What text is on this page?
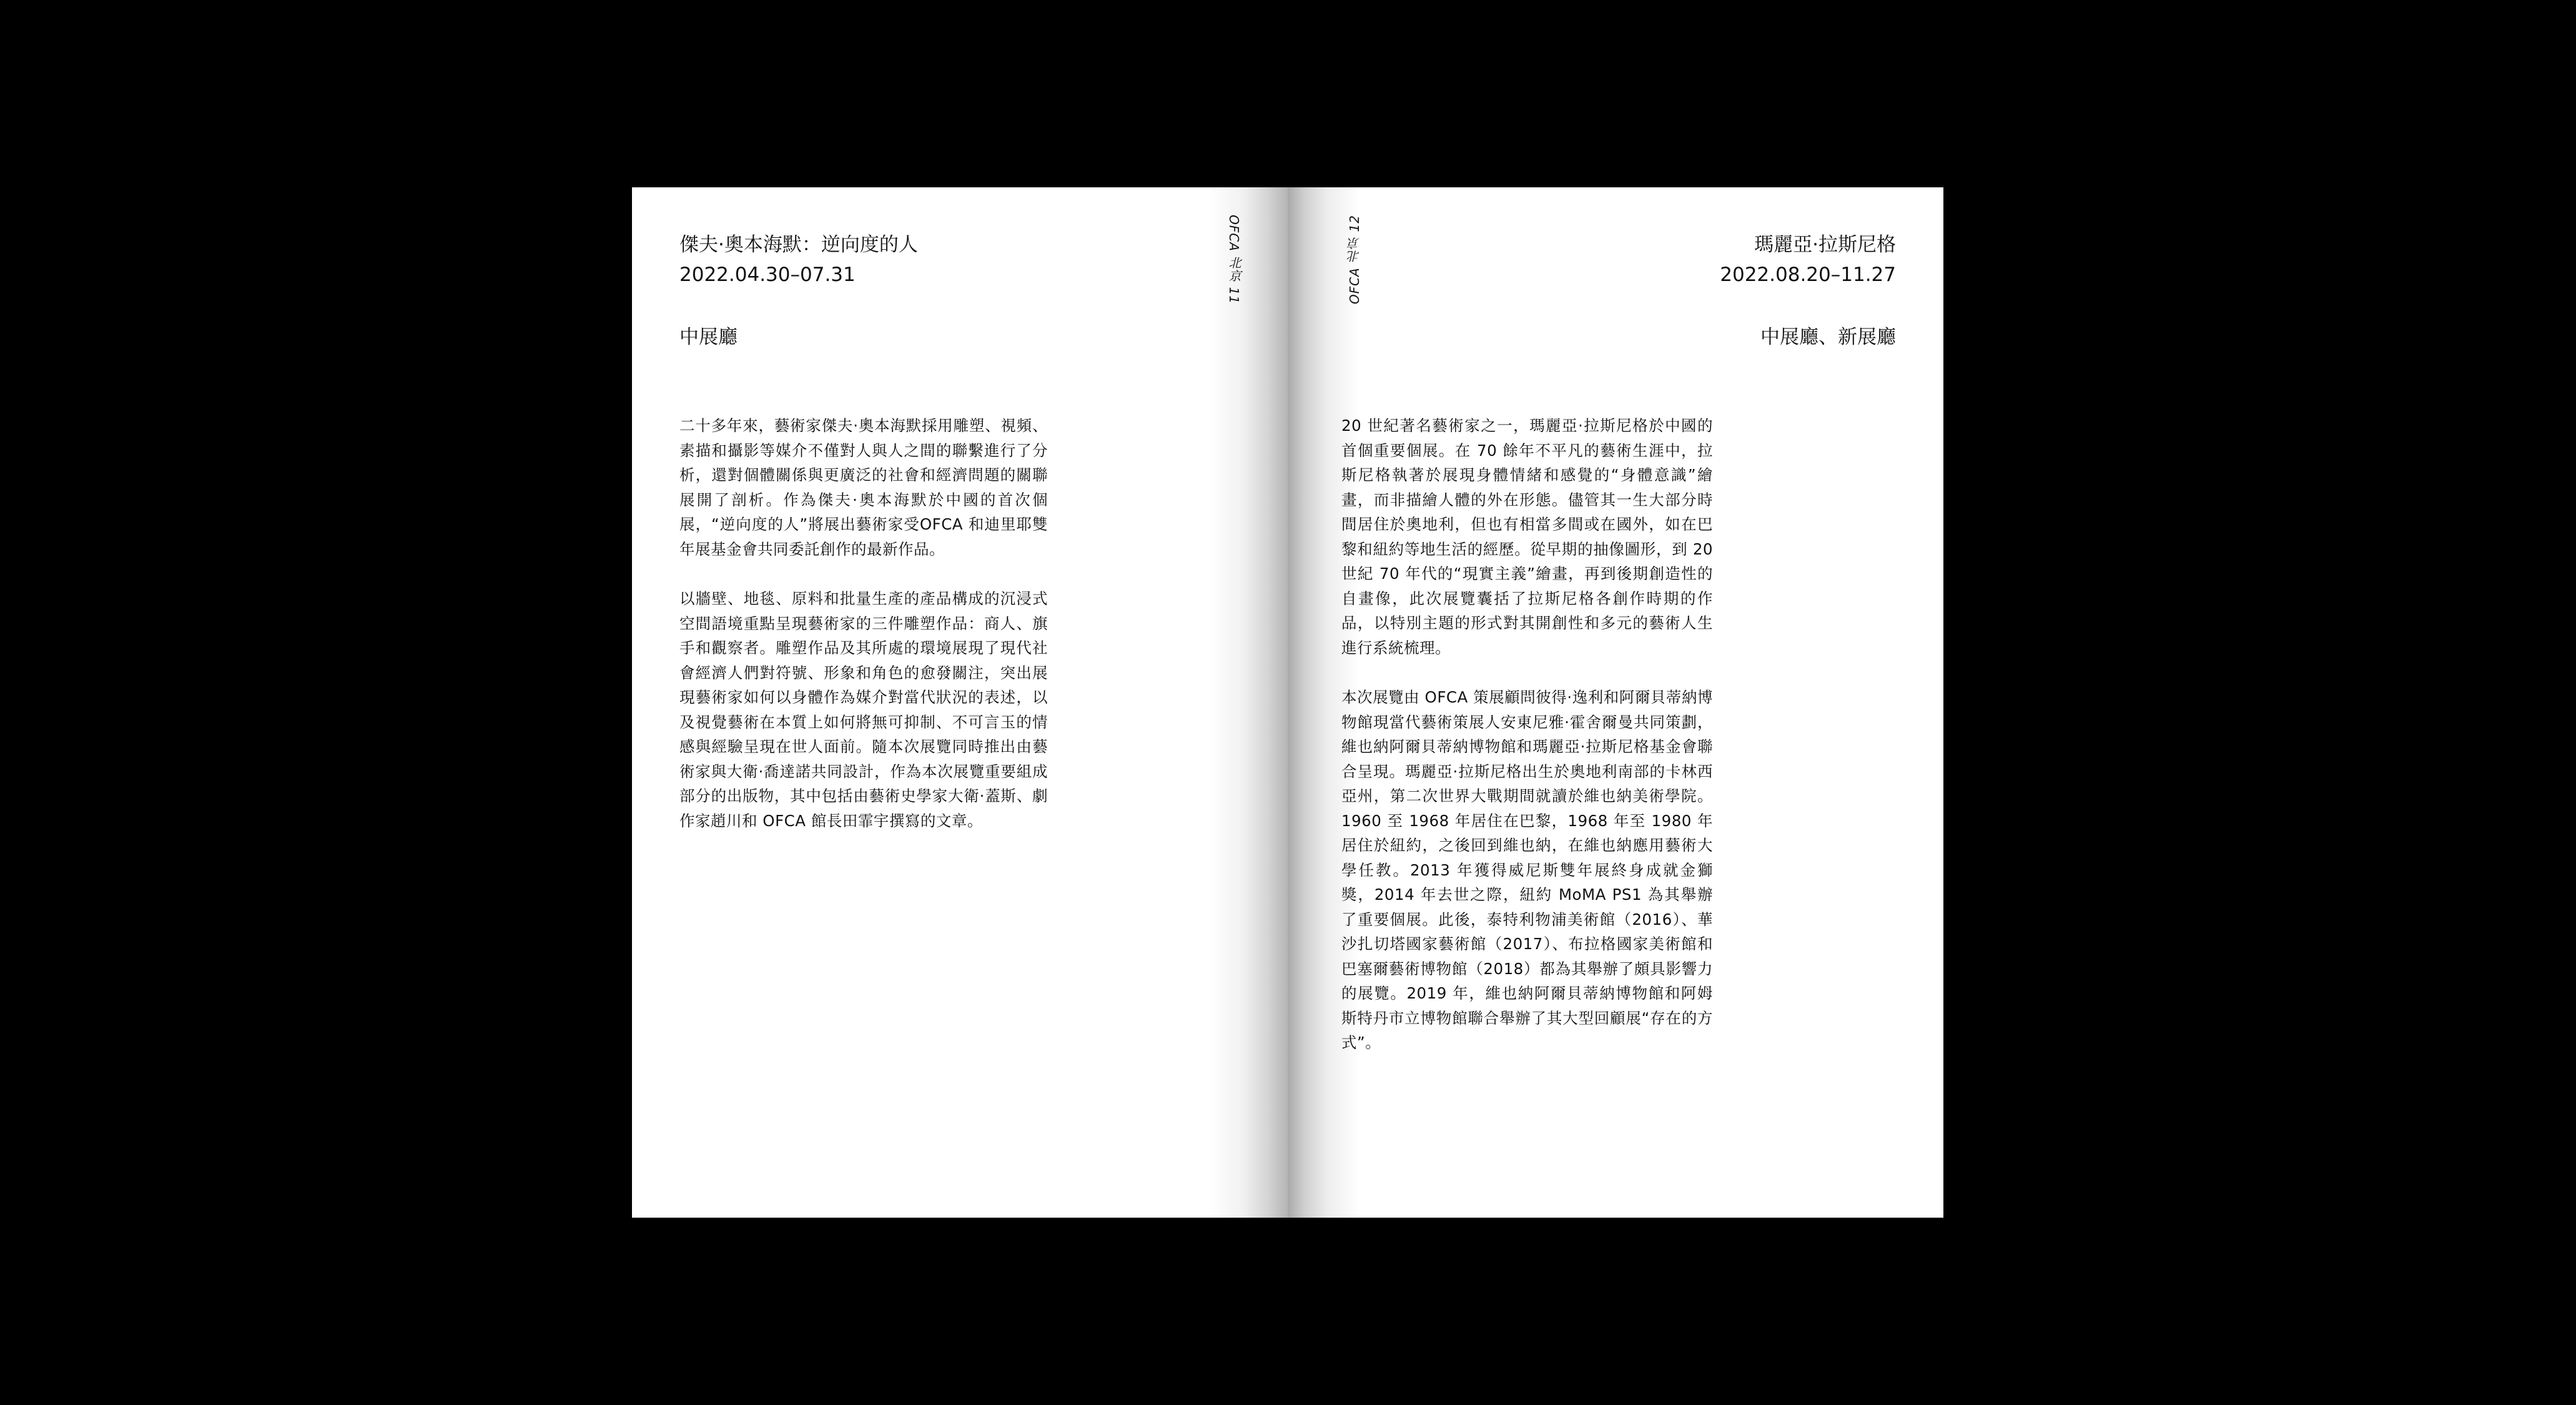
傑夫·奧本海默：逆向度的人
2022.04.30–07.31
中展廳

二十多年來，藝術家傑夫·奧本海默採用雕塑、視頻、素描和攝影等媒介不僅對人與人之間的聯繫進行了分析，還對個體關係與更廣泛的社會和經濟問題的關聯展開了剖析。作為傑夫·奧本海默於中國的首次個展，“逆向度的人”將展出藝術家受OFCA 和迪里耶雙年展基金會共同委託創作的最新作品。

以牆壁、地毯、原料和批量生產的產品構成的沉浸式空間語境重點呈現藝術家的三件雕塑作品：商人、旗手和觀察者。雕塑作品及其所處的環境展現了現代社會經濟人們對符號、形象和角色的愈發關注，突出展現藝術家如何以身體作為媒介對當代狀況的表述，以及視覺藝術在本質上如何將無可抑制、不可言玉的情感與經驗呈現在世人面前。隨本次展覽同時推出由藝術家與大衛·喬達諾共同設計，作為本次展覽重要組成部分的出版物，其中包括由藝術史學家大衛·蓋斯、劇作家趙川和 OFCA 館長田霏宇撰寫的文章。

OFCA 北京 11	OFCA 北京 12	瑪麗亞·拉斯尼格
2022.08.20–11.27
中展廳、新展廳

20 世紀著名藝術家之一，瑪麗亞·拉斯尼格於中國的首個重要個展。在 70 餘年不平凡的藝術生涯中，拉斯尼格執著於展現身體情緒和感覺的“身體意識”繪畫，而非描繪人體的外在形態。儘管其一生大部分時間居住於奧地利，但也有相當多間或在國外，如在巴黎和紐約等地生活的經歷。從早期的抽像圖形，到 20 世紀 70 年代的“現實主義”繪畫，再到後期創造性的自畫像，此次展覽囊括了拉斯尼格各創作時期的作品，以特別主題的形式對其開創性和多元的藝術人生進行系統梳理。

本次展覽由 OFCA 策展顧問彼得·逸利和阿爾貝蒂納博物館現當代藝術策展人安東尼雅·霍舍爾曼共同策劃，維也納阿爾貝蒂納博物館和瑪麗亞·拉斯尼格基金會聯合呈現。瑪麗亞·拉斯尼格出生於奧地利南部的卡林西亞州，第二次世界大戰期間就讀於維也納美術學院。1960 至 1968 年居住在巴黎，1968 年至 1980 年居住於紐約，之後回到維也納，在維也納應用藝術大學任教。2013 年獲得威尼斯雙年展終身成就金獅獎，2014 年去世之際，紐約 MoMA PS1 為其舉辦了重要個展。此後，泰特利物浦美術館（2016）、華沙扎切塔國家藝術館（2017）、布拉格國家美術館和巴塞爾藝術博物館（2018）都為其舉辦了頗具影響力的展覽。2019 年，維也納阿爾貝蒂納博物館和阿姆斯特丹市立博物館聯合舉辦了其大型回顧展“存在的方式”。
